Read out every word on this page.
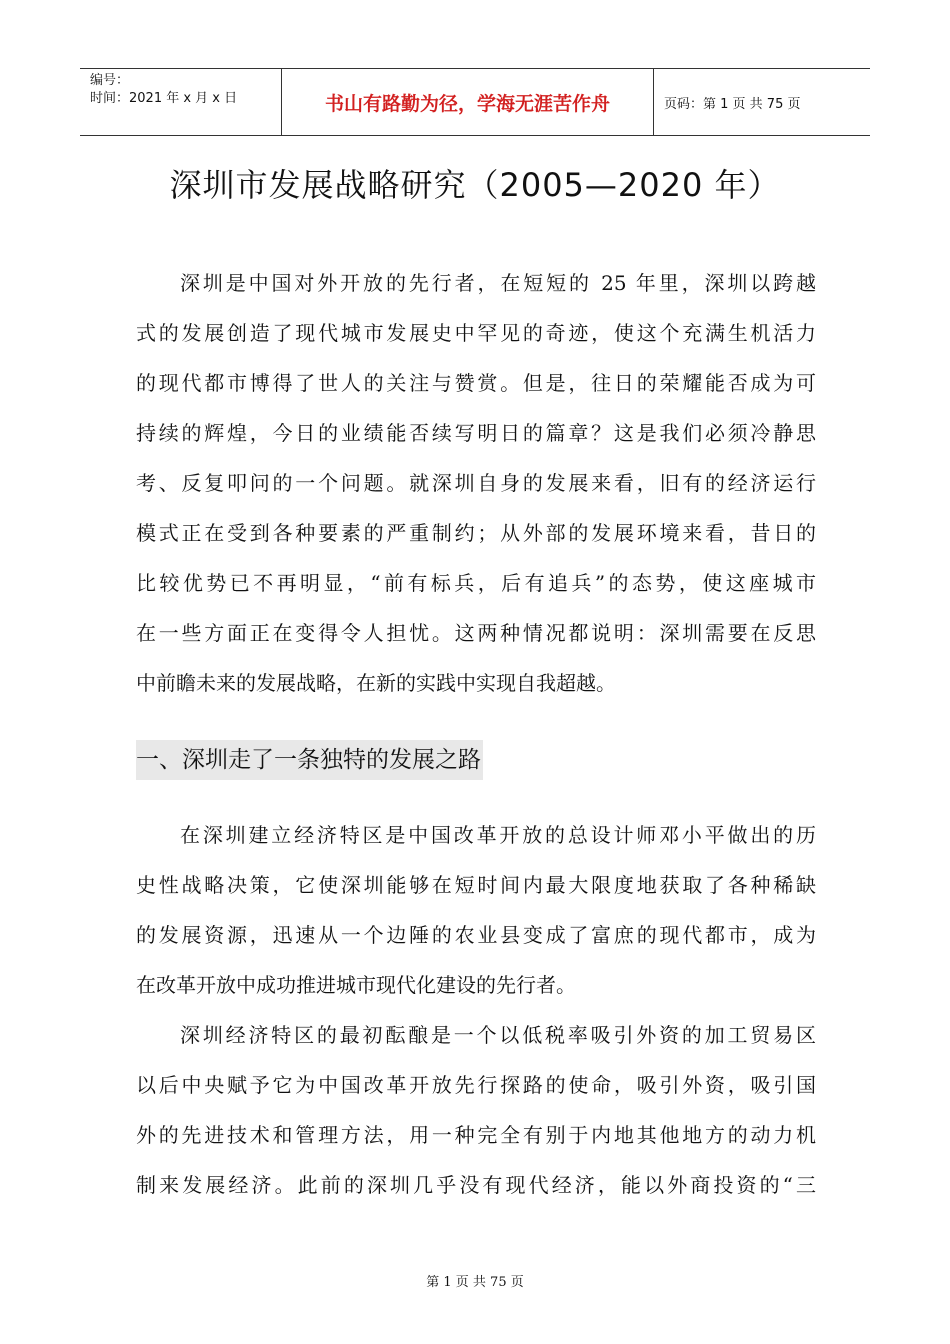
编号：
时间：2021 年 x 月 x 日	书山有路勤为径，学海无涯苦作舟	页码：第 1 页 共 75 页
深圳市发展战略研究（2005—2020 年）
深圳是中国对外开放的先行者，在短短的 25 年里，深圳以跨越
式的发展创造了现代城市发展史中罕见的奇迹，使这个充满生机活力
的现代都市博得了世人的关注与赞赏。但是，往日的荣耀能否成为可
持续的辉煌，今日的业绩能否续写明日的篇章？这是我们必须冷静思
考、反复叩问的一个问题。就深圳自身的发展来看，旧有的经济运行
模式正在受到各种要素的严重制约；从外部的发展环境来看，昔日的
比较优势已不再明显，“前有标兵，后有追兵”的态势，使这座城市
在一些方面正在变得令人担忧。这两种情况都说明：深圳需要在反思
中前瞻未来的发展战略，在新的实践中实现自我超越。
一、深圳走了一条独特的发展之路
在深圳建立经济特区是中国改革开放的总设计师邓小平做出的历
史性战略决策，它使深圳能够在短时间内最大限度地获取了各种稀缺
的发展资源，迅速从一个边陲的农业县变成了富庶的现代都市，成为
在改革开放中成功推进城市现代化建设的先行者。
深圳经济特区的最初酝酿是一个以低税率吸引外资的加工贸易区
以后中央赋予它为中国改革开放先行探路的使命，吸引外资，吸引国
外的先进技术和管理方法，用一种完全有别于内地其他地方的动力机
制来发展经济。此前的深圳几乎没有现代经济，能以外商投资的“三
第 1 页 共 75 页
